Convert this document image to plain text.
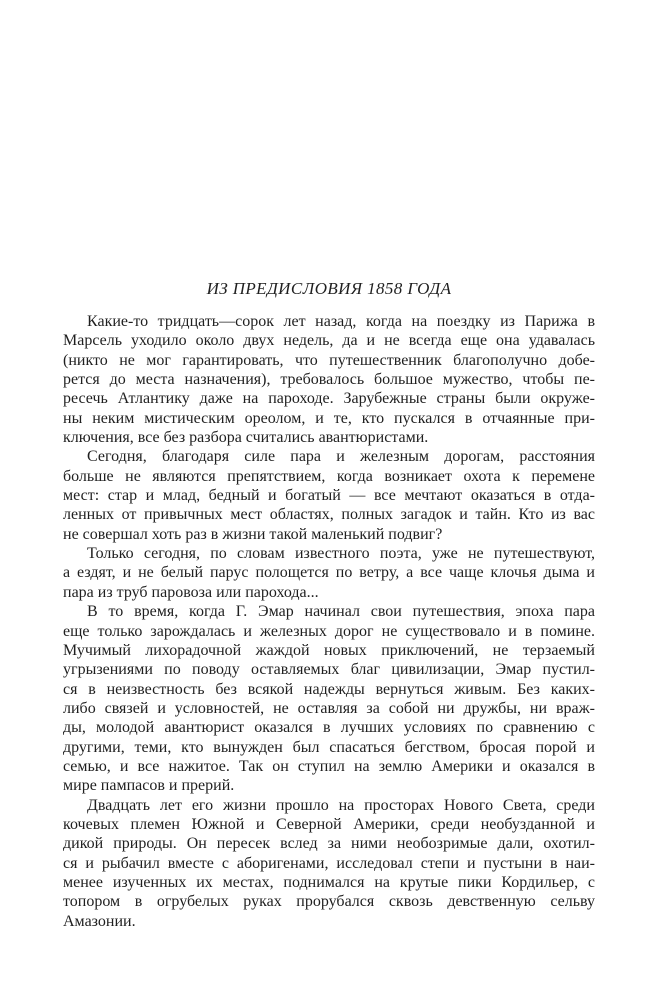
ИЗ ПРЕДИСЛОВИЯ 1858 ГОДА
Какие-то тридцать—сорок лет назад, когда на поездку из Парижа в
Марсель уходило около двух недель, да и не всегда еще она удавалась
(никто не мог гарантировать, что путешественник благополучно добе-
рется до места назначения), требовалось большое мужество, чтобы пе-
ресечь Атлантику даже на пароходе. Зарубежные страны были окруже-
ны неким мистическим ореолом, и те, кто пускался в отчаянные при-
ключения, все без разбора считались авантюристами.
Сегодня, благодаря силе пара и железным дорогам, расстояния
больше не являются препятствием, когда возникает охота к перемене
мест: стар и млад, бедный и богатый — все мечтают оказаться в отда-
ленных от привычных мест областях, полных загадок и тайн. Кто из вас
не совершал хоть раз в жизни такой маленький подвиг?
Только сегодня, по словам известного поэта, уже не путешествуют,
а ездят, и не белый парус полощется по ветру, а все чаще клочья дыма и
пара из труб паровоза или парохода...
В то время, когда Г. Эмар начинал свои путешествия, эпоха пара
еще только зарождалась и железных дорог не существовало и в помине.
Мучимый лихорадочной жаждой новых приключений, не терзаемый
угрызениями по поводу оставляемых благ цивилизации, Эмар пустил-
ся в неизвестность без всякой надежды вернуться живым. Без каких-
либо связей и условностей, не оставляя за собой ни дружбы, ни враж-
ды, молодой авантюрист оказался в лучших условиях по сравнению с
другими, теми, кто вынужден был спасаться бегством, бросая порой и
семью, и все нажитое. Так он ступил на землю Америки и оказался в
мире пампасов и прерий.
Двадцать лет его жизни прошло на просторах Нового Света, среди
кочевых племен Южной и Северной Америки, среди необузданной и
дикой природы. Он пересек вслед за ними необозримые дали, охотил-
ся и рыбачил вместе с аборигенами, исследовал степи и пустыни в наи-
менее изученных их местах, поднимался на крутые пики Кордильер, с
топором в огрубелых руках прорубался сквозь девственную сельву
Амазонии.
